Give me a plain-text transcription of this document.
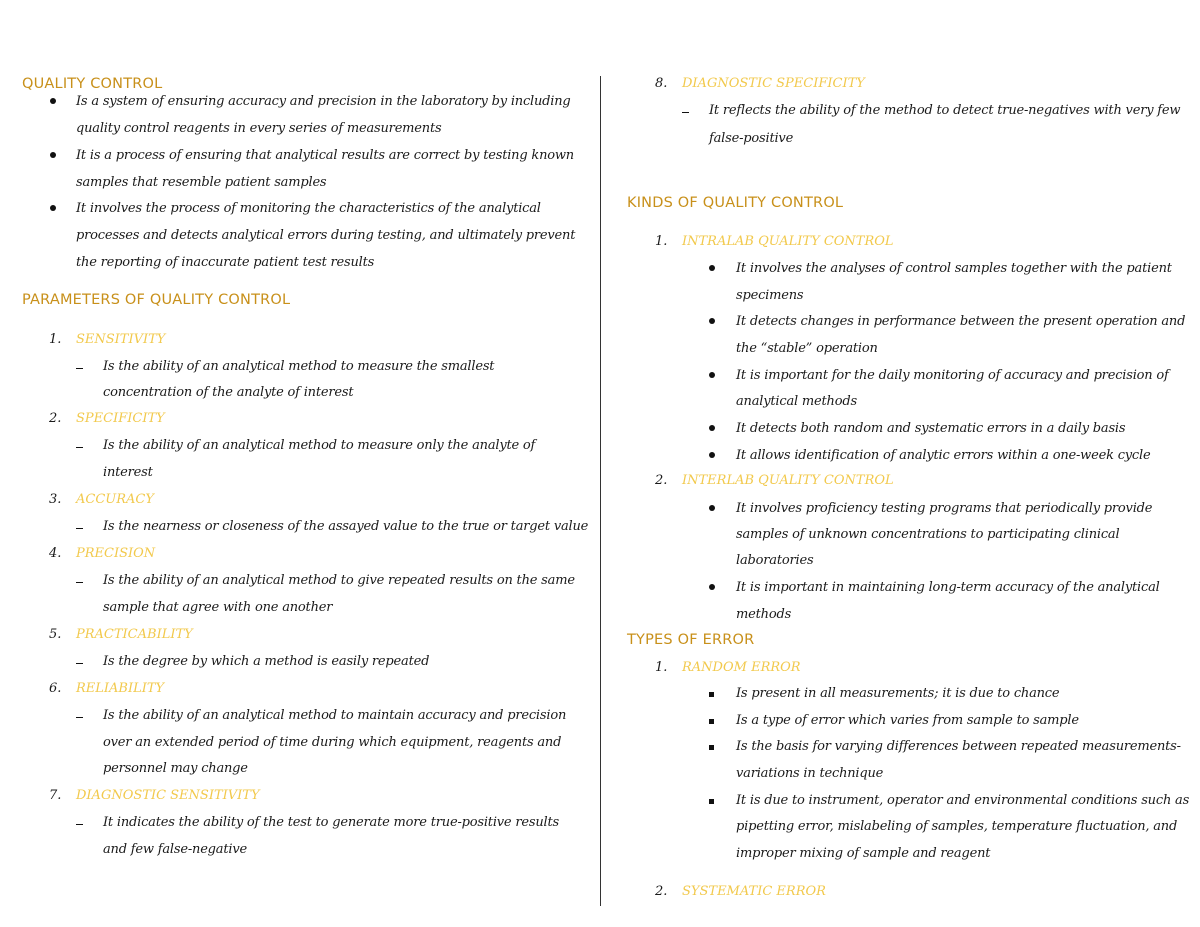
QUALITY CONTROL
Is a system of ensuring accuracy and precision in the laboratory by including
quality control reagents in every series of measurements
It is a process of ensuring that analytical results are correct by testing known
samples that resemble patient samples
It involves the process of monitoring the characteristics of the analytical
processes and detects analytical errors during testing, and ultimately prevent
the reporting of inaccurate patient test results
PARAMETERS OF QUALITY CONTROL
1. SENSITIVITY
Is the ability of an analytical method to measure the smallest
concentration of the analyte of interest
2. SPECIFICITY
Is the ability of an analytical method to measure only the analyte of
interest
3. ACCURACY
Is the nearness or closeness of the assayed value to the true or target value
4. PRECISION
Is the ability of an analytical method to give repeated results on the same
sample that agree with one another
5. PRACTICABILITY
Is the degree by which a method is easily repeated
6. RELIABILITY
Is the ability of an analytical method to maintain accuracy and precision
over an extended period of time during which equipment, reagents and
personnel may change
7. DIAGNOSTIC SENSITIVITY
It indicates the ability of the test to generate more true-positive results
and few false-negative
8. DIAGNOSTIC SPECIFICITY
It reflects the ability of the method to detect true-negatives with very few
false-positive
KINDS OF QUALITY CONTROL
1. INTRALAB QUALITY CONTROL
It involves the analyses of control samples together with the patient
specimens
It detects changes in performance between the present operation and
the “stable” operation
It is important for the daily monitoring of accuracy and precision of
analytical methods
It detects both random and systematic errors in a daily basis
It allows identification of analytic errors within a one-week cycle
2. INTERLAB QUALITY CONTROL
It involves proficiency testing programs that periodically provide
samples of unknown concentrations to participating clinical
laboratories
It is important in maintaining long-term accuracy of the analytical
methods
TYPES OF ERROR
1. RANDOM ERROR
Is present in all measurements; it is due to chance
Is a type of error which varies from sample to sample
Is the basis for varying differences between repeated measurements-
variations in technique
It is due to instrument, operator and environmental conditions such as
pipetting error, mislabeling of samples, temperature fluctuation, and
improper mixing of sample and reagent
2. SYSTEMATIC ERROR
